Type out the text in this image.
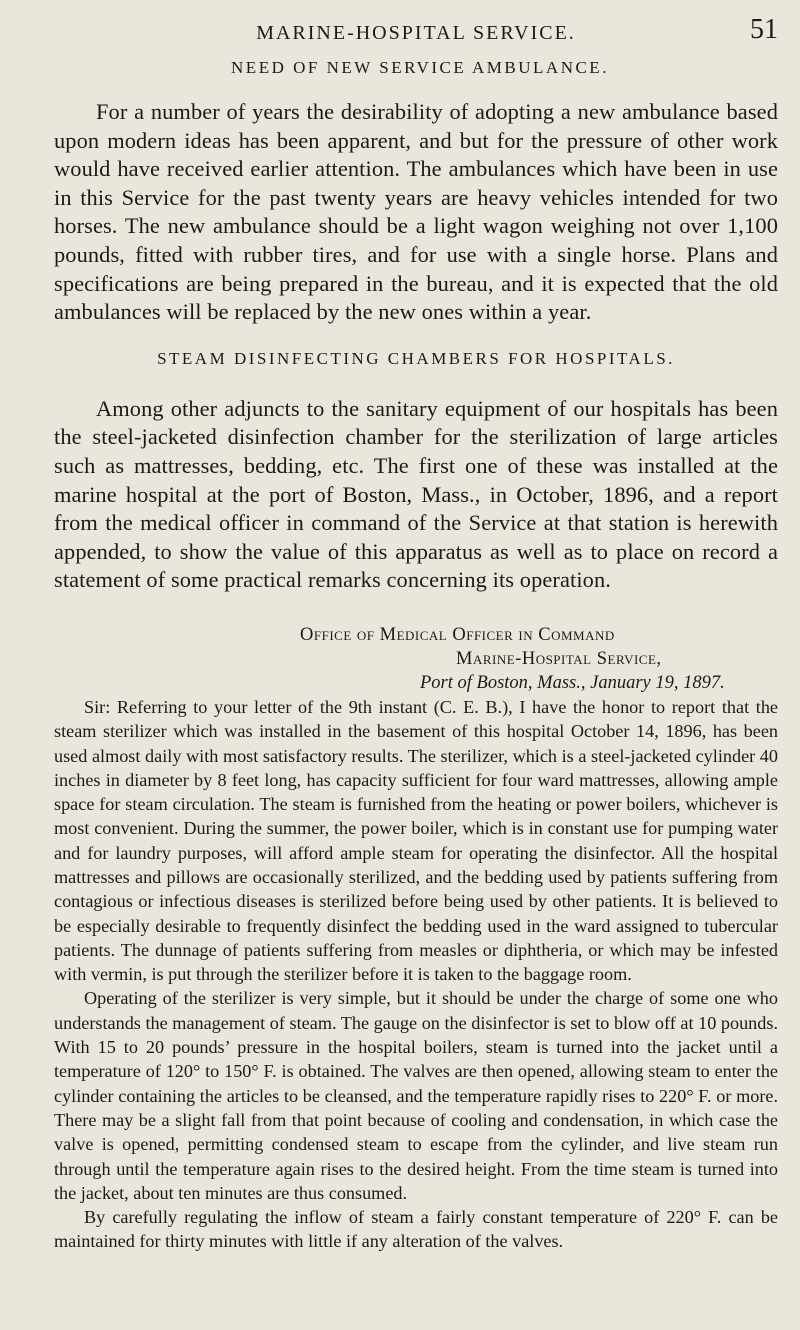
MARINE-HOSPITAL SERVICE.	51
NEED OF NEW SERVICE AMBULANCE.

For a number of years the desirability of adopting a new ambulance based upon modern ideas has been apparent, and but for the pressure of other work would have received earlier attention. The ambulances which have been in use in this Service for the past twenty years are heavy vehicles intended for two horses. The new ambulance should be a light wagon weighing not over 1,100 pounds, fitted with rubber tires, and for use with a single horse. Plans and specifications are being prepared in the bureau, and it is expected that the old ambulances will be replaced by the new ones within a year.

STEAM DISINFECTING CHAMBERS FOR HOSPITALS.

Among other adjuncts to the sanitary equipment of our hospitals has been the steel-jacketed disinfection chamber for the sterilization of large articles such as mattresses, bedding, etc. The first one of these was installed at the marine hospital at the port of Boston, Mass., in October, 1896, and a report from the medical officer in command of the Service at that station is herewith appended, to show the value of this apparatus as well as to place on record a statement of some practical remarks concerning its operation.

Office of Medical Officer in Command
Marine-Hospital Service,
Port of Boston, Mass., January 19, 1897.

Sir: Referring to your letter of the 9th instant (C. E. B.), I have the honor to report that the steam sterilizer which was installed in the basement of this hospital October 14, 1896, has been used almost daily with most satisfactory results. The sterilizer, which is a steel-jacketed cylinder 40 inches in diameter by 8 feet long, has capacity sufficient for four ward mattresses, allowing ample space for steam circulation. The steam is furnished from the heating or power boilers, whichever is most convenient. During the summer, the power boiler, which is in constant use for pumping water and for laundry purposes, will afford ample steam for operating the disinfector. All the hospital mattresses and pillows are occasionally sterilized, and the bedding used by patients suffering from contagious or infectious diseases is sterilized before being used by other patients. It is believed to be especially desirable to frequently disinfect the bedding used in the ward assigned to tubercular patients. The dunnage of patients suffering from measles or diphtheria, or which may be infested with vermin, is put through the sterilizer before it is taken to the baggage room.

Operating of the sterilizer is very simple, but it should be under the charge of some one who understands the management of steam. The gauge on the disinfector is set to blow off at 10 pounds. With 15 to 20 pounds’ pressure in the hospital boilers, steam is turned into the jacket until a temperature of 120° to 150° F. is obtained. The valves are then opened, allowing steam to enter the cylinder containing the articles to be cleansed, and the temperature rapidly rises to 220° F. or more. There may be a slight fall from that point because of cooling and condensation, in which case the valve is opened, permitting condensed steam to escape from the cylinder, and live steam run through until the temperature again rises to the desired height. From the time steam is turned into the jacket, about ten minutes are thus consumed.

By carefully regulating the inflow of steam a fairly constant temperature of 220° F. can be maintained for thirty minutes with little if any alteration of the valves.
